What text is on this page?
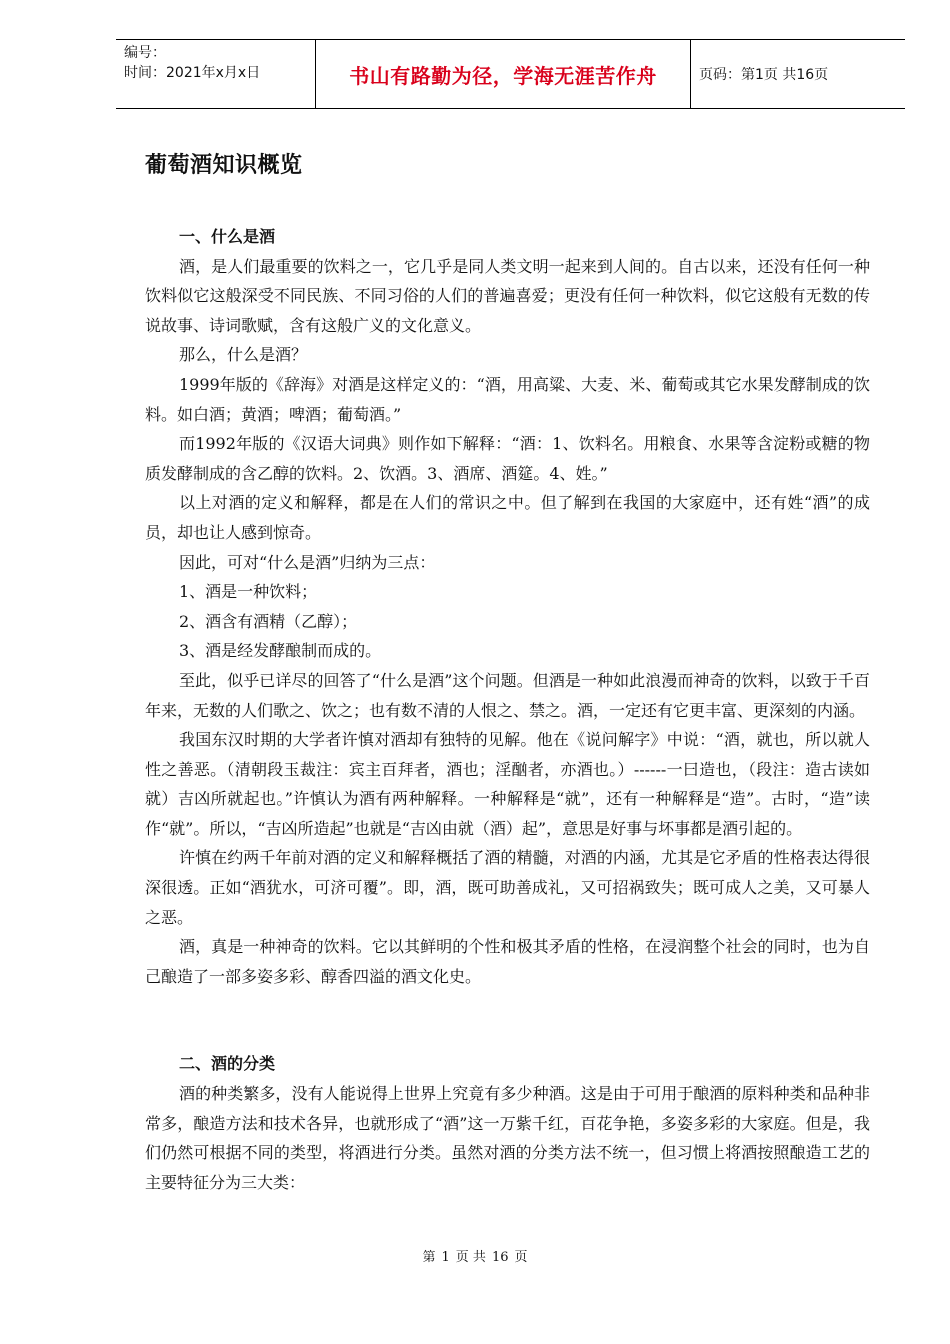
编号：
时间：2021年x月x日	书山有路勤为径，学海无涯苦作舟	页码：第1页 共16页
葡萄酒知识概览
一、什么是酒

酒，是人们最重要的饮料之一，它几乎是同人类文明一起来到人间的。自古以来，还没有任何一种饮料似它这般深受不同民族、不同习俗的人们的普遍喜爱；更没有任何一种饮料，似它这般有无数的传说故事、诗词歌赋，含有这般广义的文化意义。

那么，什么是酒？

1999年版的《辞海》对酒是这样定义的：“酒，用高粱、大麦、米、葡萄或其它水果发酵制成的饮料。如白酒；黄酒；啤酒；葡萄酒。”

而1992年版的《汉语大词典》则作如下解释：“酒：1、饮料名。用粮食、水果等含淀粉或糖的物质发酵制成的含乙醇的饮料。2、饮酒。3、酒席、酒筵。4、姓。”

以上对酒的定义和解释，都是在人们的常识之中。但了解到在我国的大家庭中，还有姓“酒”的成员，却也让人感到惊奇。

因此，可对“什么是酒”归纳为三点：

1、酒是一种饮料；

2、酒含有酒精（乙醇）；

3、酒是经发酵酿制而成的。

至此，似乎已详尽的回答了“什么是酒”这个问题。但酒是一种如此浪漫而神奇的饮料，以致于千百年来，无数的人们歌之、饮之；也有数不清的人恨之、禁之。酒，一定还有它更丰富、更深刻的内涵。

我国东汉时期的大学者许慎对酒却有独特的见解。他在《说问解字》中说：“酒，就也，所以就人性之善恶。（清朝段玉裁注：宾主百拜者，酒也；淫酗者，亦酒也。）------一曰造也，（段注：造古读如就）吉凶所就起也。”许慎认为酒有两种解释。一种解释是“就”，还有一种解释是“造”。古时，“造”读作“就”。所以，“吉凶所造起”也就是“吉凶由就（酒）起”，意思是好事与坏事都是酒引起的。

许慎在约两千年前对酒的定义和解释概括了酒的精髓，对酒的内涵，尤其是它矛盾的性格表达得很深很透。正如“酒犹水，可济可覆”。即，酒，既可助善成礼，又可招祸致失；既可成人之美，又可暴人之恶。

酒，真是一种神奇的饮料。它以其鲜明的个性和极其矛盾的性格，在浸润整个社会的同时，也为自己酿造了一部多姿多彩、醇香四溢的酒文化史。

二、酒的分类

酒的种类繁多，没有人能说得上世界上究竟有多少种酒。这是由于可用于酿酒的原料种类和品种非常多，酿造方法和技术各异，也就形成了“酒”这一万紫千红，百花争艳，多姿多彩的大家庭。但是，我们仍然可根据不同的类型，将酒进行分类。虽然对酒的分类方法不统一，但习惯上将酒按照酿造工艺的主要特征分为三大类：

第 1 页 共 16 页
